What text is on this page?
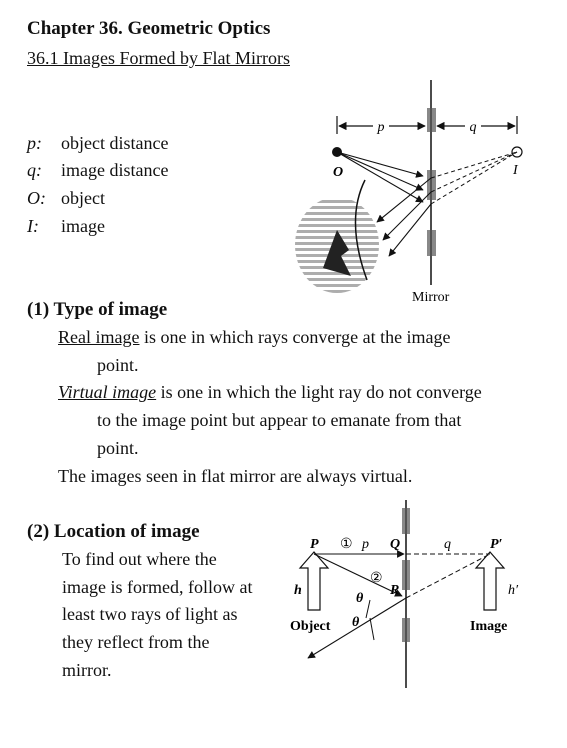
Chapter 36. Geometric Optics
36.1 Images Formed by Flat Mirrors
p: object distance
q: image distance
O: object
I: image
p	q
O	I
Mirror
(1) Type of image
Real image is one in which rays converge at the image
point.
Virtual image is one in which the light ray do not converge
to the image point but appear to emanate from that
point.
The images seen in flat mirror are always virtual.
(2) Location of image
To find out where the
image is formed, follow at
least two rays of light as
they reflect from the
mirror.
P ① p Q	q	P′
②
R
h	h′
θ
θ
Object	Image
